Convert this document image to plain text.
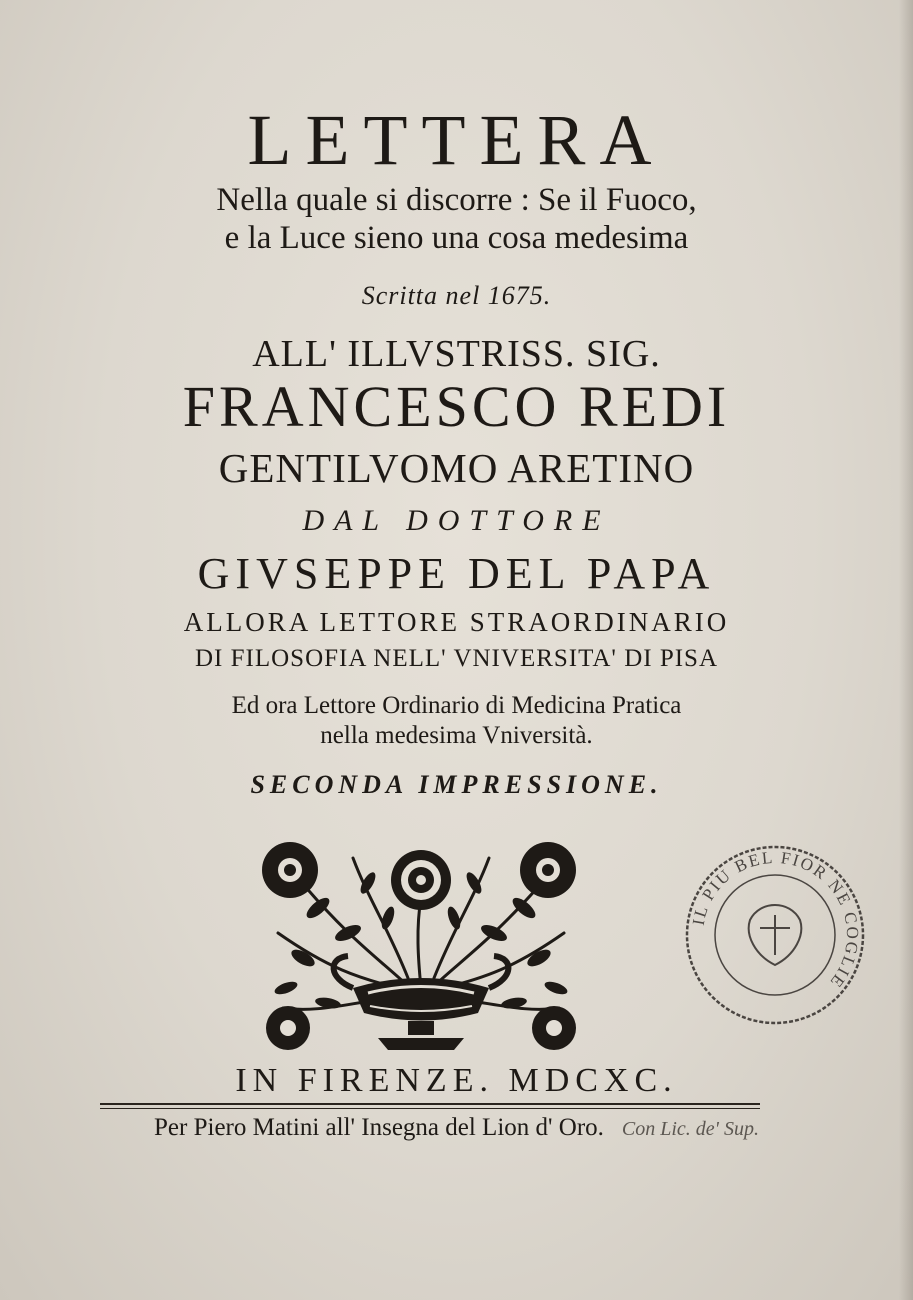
LETTERA
Nella quale si discorre : Se il Fuoco,
e la Luce sieno una cosa medesima
Scritta nel 1675.
ALL' ILLVSTRISS. SIG.
FRANCESCO REDI
GENTILVOMO ARETINO
DAL DOTTORE
GIVSEPPE DEL PAPA
ALLORA LETTORE STRAORDINARIO
DI FILOSOFIA NELL' VNIVERSITA' DI PISA
Ed ora Lettore Ordinario di Medicina Pratica
nella medesima Vniversità.
SECONDA IMPRESSIONE.
IL PIU BEL FIOR NE COGLIE
IN FIRENZE. MDCXC.
Per Piero Matini all' Insegna del Lion d' Oro. Con Lic. de' Sup.
